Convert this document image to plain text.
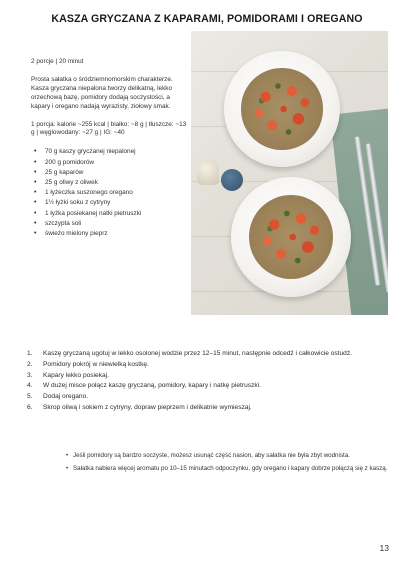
KASZA GRYCZANA Z KAPARAMI, POMIDORAMI I OREGANO
2 porcje | 20 minut
Prosta sałatka o śródziemnomorskim charakterze. Kasza gryczana niepalona tworzy delikatną, lekko orzechową bazę, pomidory dodają soczystości, a kapary i oregano nadają wyrazisty, ziołowy smak.
1 porcja: kalorie ~255 kcal | białko: ~8 g | tłuszcze: ~13 g | węglowodany: ~27 g | IG: ~40
• 70 g kaszy gryczanej niepalonej
• 200 g pomidorów
• 25 g kaparów
• 25 g oliwy z oliwek
• 1 łyżeczka suszonego oregano
• 1½ łyżki soku z cytryny
• 1 łyżka posiekanej natki pietruszki
• szczypta soli
• świeżo mielony pieprz
1. Kaszę gryczaną ugotuj w lekko osolonej wodzie przez 12–15 minut, następnie odcedź i całkowicie ostudź.
2. Pomidory pokrój w niewielką kostkę.
3. Kapary lekko posiekaj.
4. W dużej misce połącz kaszę gryczaną, pomidory, kapary i natkę pietruszki.
5. Dodaj oregano.
6. Skrop oliwą i sokiem z cytryny, dopraw pieprzem i delikatnie wymieszaj.
• Jeśli pomidory są bardzo soczyste, możesz usunąć część nasion, aby sałatka nie była zbyt wodnista.
• Sałatka nabiera więcej aromatu po 10–15 minutach odpoczynku, gdy oregano i kapary dobrze połączą się z kaszą.
13
